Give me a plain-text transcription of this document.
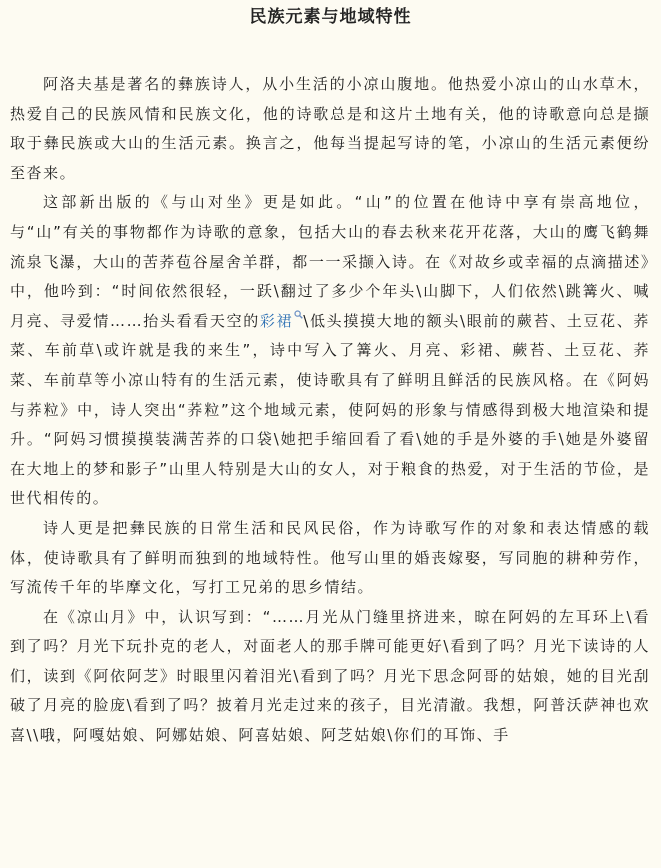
民族元素与地域特性

阿洛夫基是著名的彝族诗人，从小生活的小凉山腹地。他热爱小凉山的山水草木，热爱自己的民族风情和民族文化，他的诗歌总是和这片土地有关，他的诗歌意向总是撷取于彝民族或大山的生活元素。换言之，他每当提起写诗的笔，小凉山的生活元素便纷至沓来。

这部新出版的《与山对坐》更是如此。“山”的位置在他诗中享有崇高地位，与“山”有关的事物都作为诗歌的意象，包括大山的春去秋来花开花落，大山的鹰飞鹤舞流泉飞瀑，大山的苦荞苞谷屋舍羊群，都一一采撷入诗。在《对故乡或幸福的点滴描述》中，他吟到：“时间依然很轻，一跃\翻过了多少个年头\山脚下，人们依然\跳篝火、喊月亮、寻爱情……抬头看看天空的彩裙 \低头摸摸大地的额头\眼前的蕨苔、土豆花、荞菜、车前草\或许就是我的来生”，诗中写入了篝火、月亮、彩裙、蕨苔、土豆花、荞菜、车前草等小凉山特有的生活元素，使诗歌具有了鲜明且鲜活的民族风格。在《阿妈与荞粒》中，诗人突出“荞粒”这个地域元素，使阿妈的形象与情感得到极大地渲染和提升。“阿妈习惯摸摸装满苦荞的口袋\她把手缩回看了看\她的手是外婆的手\她是外婆留在大地上的梦和影子”山里人特别是大山的女人，对于粮食的热爱，对于生活的节俭，是世代相传的。

诗人更是把彝民族的日常生活和民风民俗，作为诗歌写作的对象和表达情感的载体，使诗歌具有了鲜明而独到的地域特性。他写山里的婚丧嫁娶，写同胞的耕种劳作，写流传千年的毕摩文化，写打工兄弟的思乡情结。

在《凉山月》中，认识写到：“……月光从门缝里挤进来，晾在阿妈的左耳环上\看到了吗？月光下玩扑克的老人，对面老人的那手牌可能更好\看到了吗？月光下读诗的人们，读到《阿依阿芝》时眼里闪着泪光\看到了吗？月光下思念阿哥的姑娘，她的目光刮破了月亮的脸庞\看到了吗？披着月光走过来的孩子，目光清澈。我想，阿普沃萨神也欢喜\\哦，阿嘎姑娘、阿娜姑娘、阿喜姑娘、阿芝姑娘\你们的耳饰、手
